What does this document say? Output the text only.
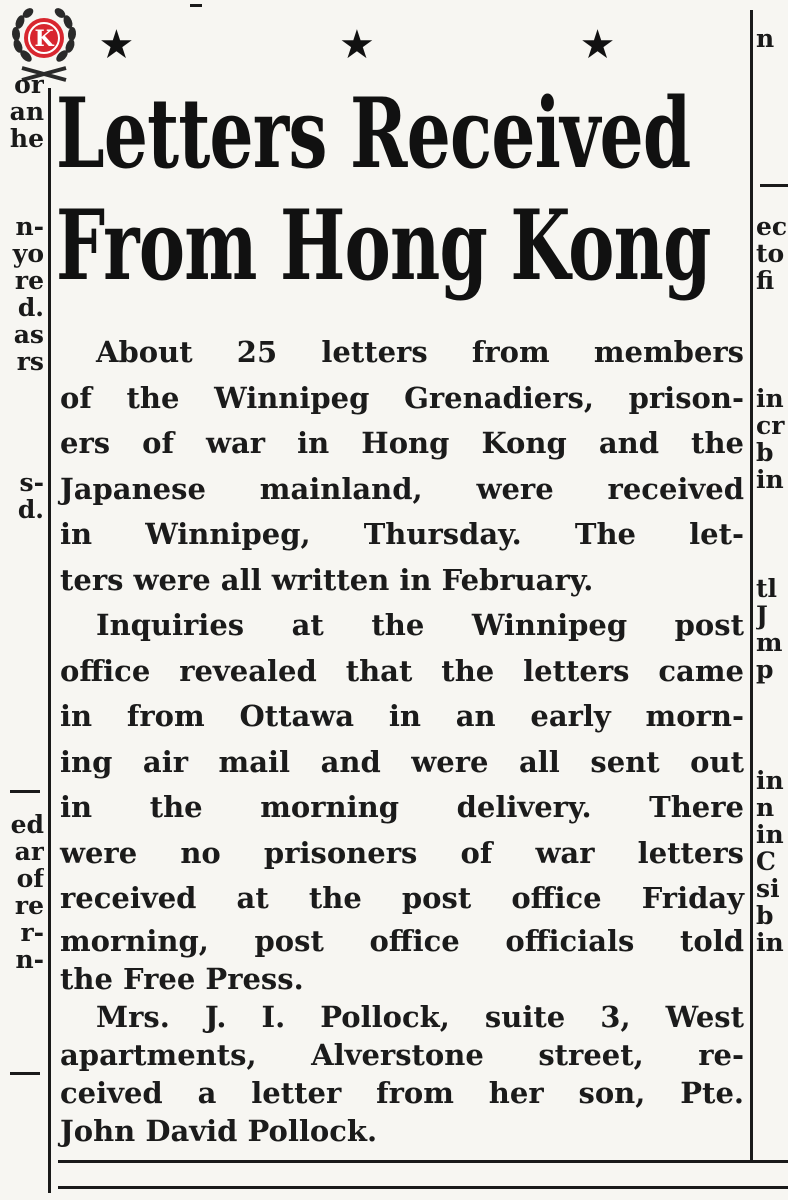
K
or
an
he
n-
yo
re
d.
as
rs
s-
d.
ed
ar
of
re
r-
n-
n
ec
to
fi
in
cr
b
in
tl
J
m
p
in
n
in
C
si
b
in
★ ★ ★
Letters Received
From Hong Kong
About 25 letters from members
of the Winnipeg Grenadiers, prison-
ers of war in Hong Kong and the
Japanese mainland, were received
in Winnipeg, Thursday. The let-
ters were all written in February.
Inquiries at the Winnipeg post
office revealed that the letters came
in from Ottawa in an early morn-
ing air mail and were all sent out
in the morning delivery. There
were no prisoners of war letters
received at the post office Friday
morning, post office officials told
the Free Press.
Mrs. J. I. Pollock, suite 3, West
apartments, Alverstone street, re-
ceived a letter from her son, Pte.
John David Pollock.
